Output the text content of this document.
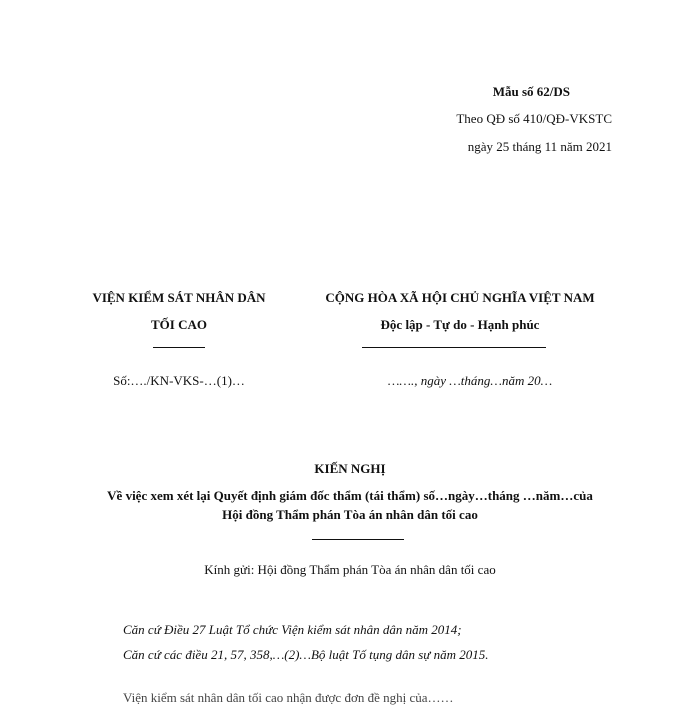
Mẫu số 62/DS
Theo QĐ số 410/QĐ-VKSTC
ngày 25 tháng 11 năm 2021
VIỆN KIỂM SÁT NHÂN DÂN
TỐI CAO
CỘNG HÒA XÃ HỘI CHỦ NGHĨA VIỆT NAM
Độc lập - Tự do - Hạnh phúc
Số:…./KN-VKS-…(1)…	……., ngày …tháng…năm 20…
KIẾN NGHỊ
Về việc xem xét lại Quyết định giám đốc thẩm (tái thẩm) số…ngày…tháng …năm…của
Hội đồng Thẩm phán Tòa án nhân dân tối cao
Kính gửi: Hội đồng Thẩm phán Tòa án nhân dân tối cao
Căn cứ Điều 27 Luật Tổ chức Viện kiểm sát nhân dân năm 2014;
Căn cứ các điều 21, 57, 358,…(2)…Bộ luật Tố tụng dân sự năm 2015.
Viện kiểm sát nhân dân tối cao nhận được đơn đề nghị của……
